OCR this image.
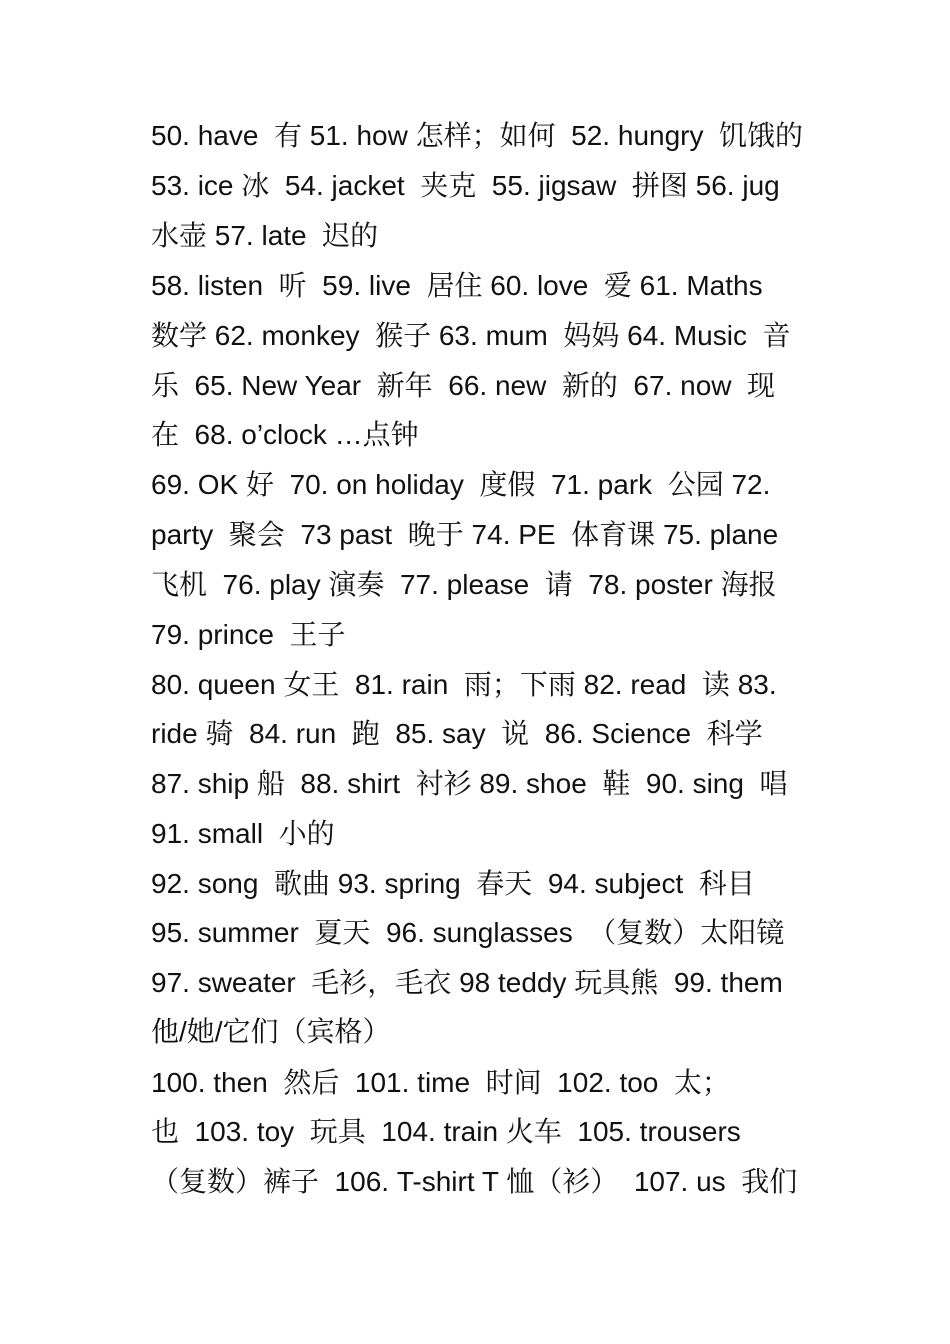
50. have  有 51. how 怎样；如何  52. hungry  饥饿的
53. ice 冰  54. jacket  夹克  55. jigsaw  拼图 56. jug
水壶 57. late  迟的
58. listen  听  59. live  居住 60. love  爱 61. Maths
数学 62. monkey  猴子 63. mum  妈妈 64. Music  音
乐  65. New Year  新年  66. new  新的  67. now  现
在  68. o’clock …点钟
69. OK 好  70. on holiday  度假  71. park  公园 72.
party  聚会  73 past  晚于 74. PE  体育课 75. plane
飞机  76. play 演奏  77. please  请  78. poster 海报
79. prince  王子
80. queen 女王  81. rain  雨；下雨 82. read  读 83.
ride 骑  84. run  跑  85. say  说  86. Science  科学
87. ship 船  88. shirt  衬衫 89. shoe  鞋  90. sing  唱
91. small  小的
92. song  歌曲 93. spring  春天  94. subject  科目
95. summer  夏天  96. sunglasses  （复数）太阳镜
97. sweater  毛衫，毛衣 98 teddy 玩具熊  99. them
他/她/它们（宾格）
100. then  然后  101. time  时间  102. too  太；
也  103. toy  玩具  104. train 火车  105. trousers
（复数）裤子  106. T-shirt T 恤（衫）  107. us  我们
